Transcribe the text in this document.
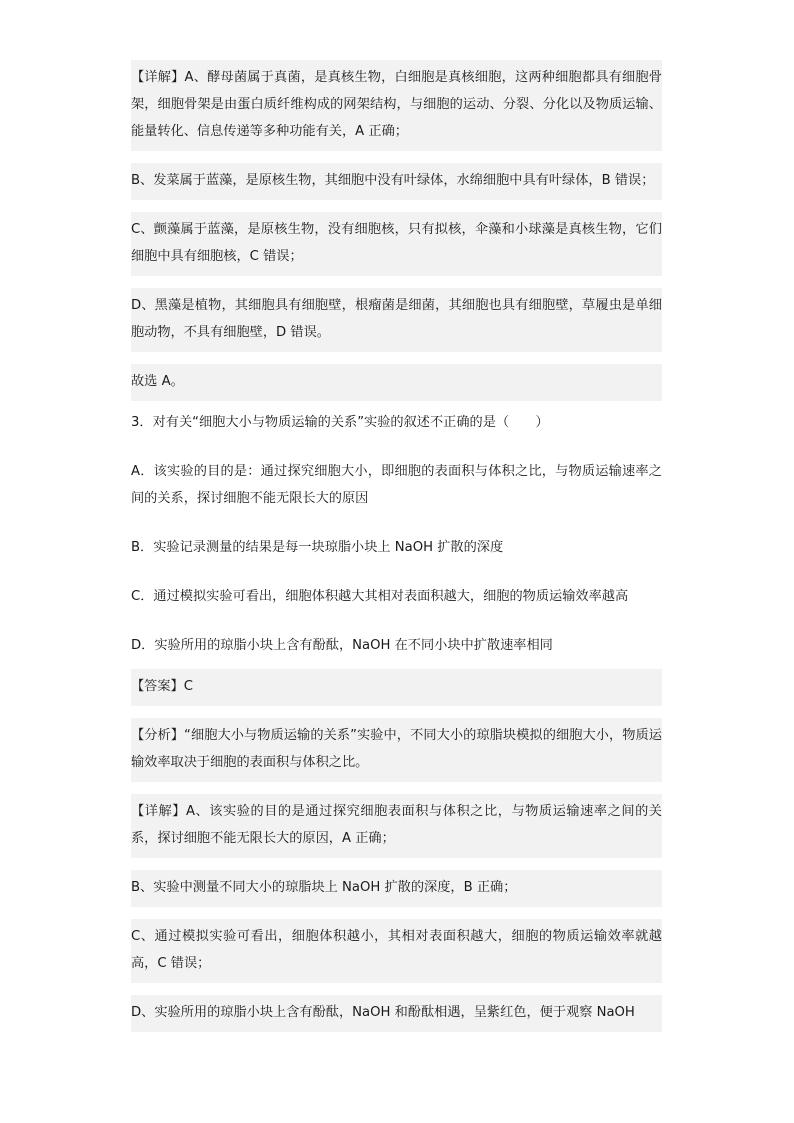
【详解】A、酵母菌属于真菌，是真核生物，白细胞是真核细胞，这两种细胞都具有细胞骨架，细胞骨架是由蛋白质纤维构成的网架结构，与细胞的运动、分裂、分化以及物质运输、能量转化、信息传递等多种功能有关，A 正确；

B、发菜属于蓝藻，是原核生物，其细胞中没有叶绿体，水绵细胞中具有叶绿体，B 错误；

C、颤藻属于蓝藻，是原核生物，没有细胞核，只有拟核，伞藻和小球藻是真核生物，它们细胞中具有细胞核，C 错误；

D、黑藻是植物，其细胞具有细胞壁，根瘤菌是细菌，其细胞也具有细胞壁，草履虫是单细胞动物，不具有细胞壁，D 错误。

故选 A。

3．对有关“细胞大小与物质运输的关系”实验的叙述不正确的是（　　）

A．该实验的目的是：通过探究细胞大小，即细胞的表面积与体积之比，与物质运输速率之间的关系，探讨细胞不能无限长大的原因

B．实验记录测量的结果是每一块琼脂小块上 NaOH 扩散的深度

C．通过模拟实验可看出，细胞体积越大其相对表面积越大，细胞的物质运输效率越高

D．实验所用的琼脂小块上含有酚酞，NaOH 在不同小块中扩散速率相同

【答案】C

【分析】“细胞大小与物质运输的关系”实验中，不同大小的琼脂块模拟的细胞大小，物质运输效率取决于细胞的表面积与体积之比。

【详解】A、该实验的目的是通过探究细胞表面积与体积之比，与物质运输速率之间的关系，探讨细胞不能无限长大的原因，A 正确；

B、实验中测量不同大小的琼脂块上 NaOH 扩散的深度，B 正确；

C、通过模拟实验可看出，细胞体积越小，其相对表面积越大，细胞的物质运输效率就越高，C 错误；

D、实验所用的琼脂小块上含有酚酞，NaOH 和酚酞相遇，呈紫红色，便于观察 NaOH
